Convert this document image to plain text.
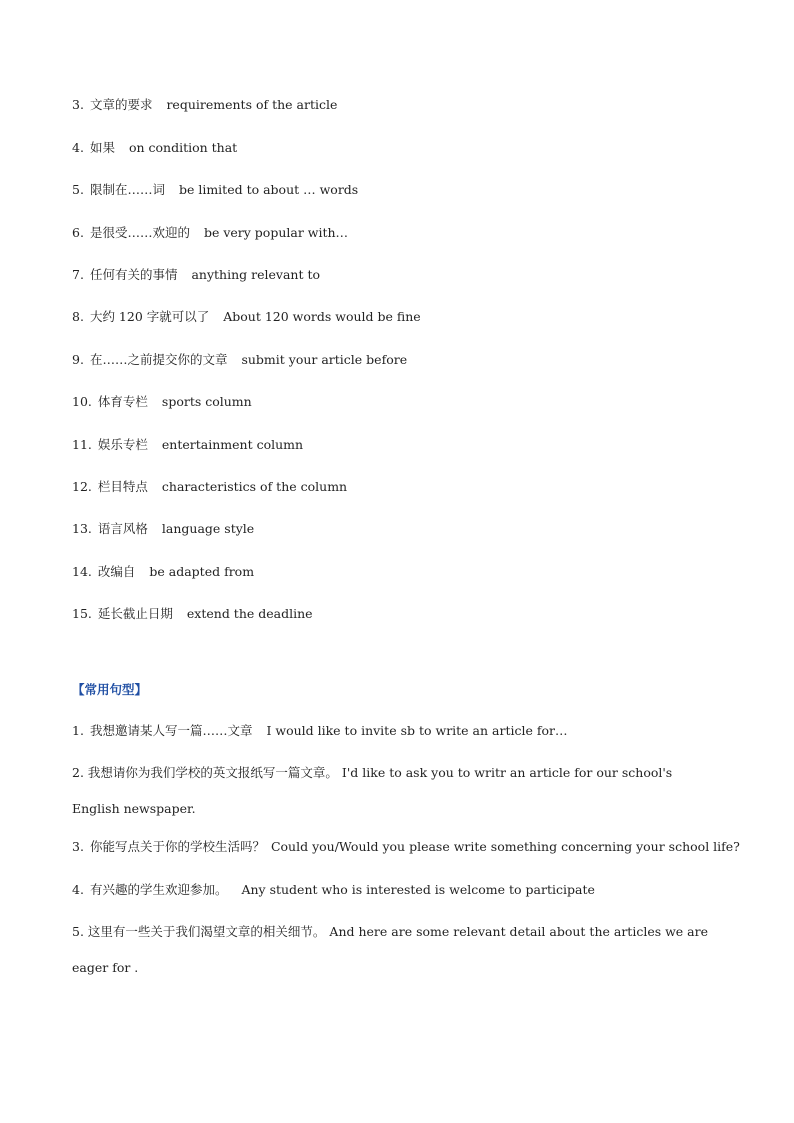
3. 文章的要求 requirements of the article
4. 如果 on condition that
5. 限制在……词 be limited to about … words
6. 是很受……欢迎的 be very popular with…
7. 任何有关的事情 anything relevant to
8. 大约 120 字就可以了 About 120 words would be fine
9. 在……之前提交你的文章 submit your article before
10. 体育专栏 sports column
11. 娱乐专栏 entertainment column
12. 栏目特点 characteristics of the column
13. 语言风格 language style
14. 改编自 be adapted from
15. 延长截止日期 extend the deadline
【常用句型】
1. 我想邀请某人写一篇……文章 I would like to invite sb to write an article for…
2. 我想请你为我们学校的英文报纸写一篇文章。 I'd like to ask you to writr an article for our school's English newspaper.
3. 你能写点关于你的学校生活吗？ Could you/Would you please write something concerning your school life?
4. 有兴趣的学生欢迎参加。 Any student who is interested is welcome to participate
5. 这里有一些关于我们渴望文章的相关细节。 And here are some relevant detail about the articles we are eager for .
